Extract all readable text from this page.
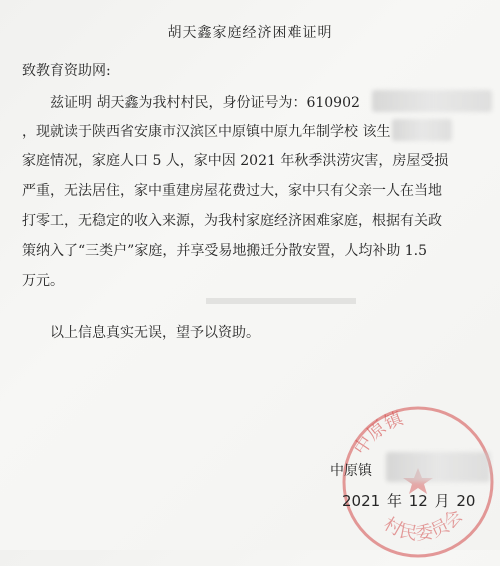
胡天鑫家庭经济困难证明
致教育资助网:
兹证明 胡天鑫为我村村民，身份证号为：610902
，现就读于陕西省安康市汉滨区中原镇中原九年制学校 该生
家庭情况，家庭人口 5 人，家中因 2021 年秋季洪涝灾害，房屋受损
严重，无法居住，家中重建房屋花费过大，家中只有父亲一人在当地
打零工，无稳定的收入来源，为我村家庭经济困难家庭，根据有关政
策纳入了“三类户”家庭，并享受易地搬迁分散安置，人均补助 1.5
万元。
以上信息真实无误，望予以资助。
中原镇
村民委员会
中原镇
2021 年 12 月 20
